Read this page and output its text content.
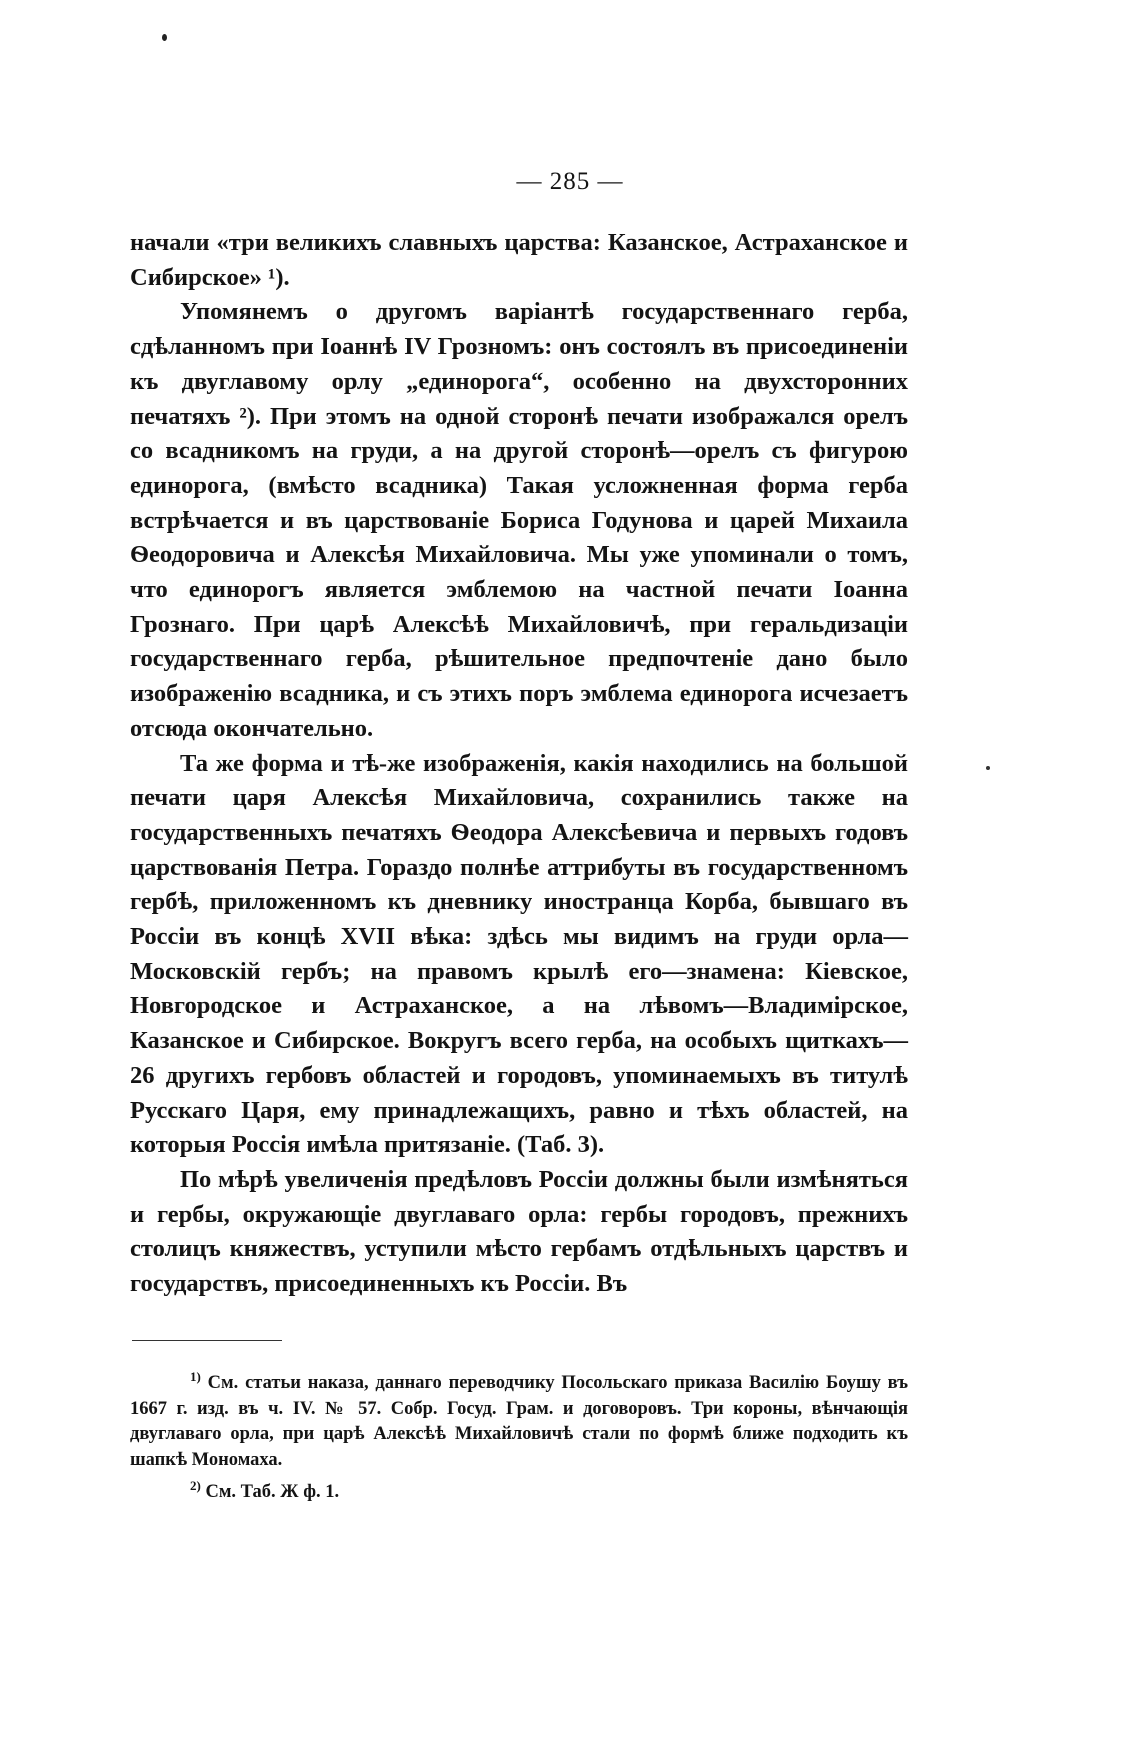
— 285 —

начали «три великихъ славныхъ царства: Казанское, Астраханское и Сибирское» ¹).

Упомянемъ о другомъ варіантѣ государственнаго герба, сдѣланномъ при Іоаннѣ IV Грозномъ: онъ состоялъ въ присоединеніи къ двуглавому орлу „единорога“, особенно на двухсторонних печатяхъ ²). При этомъ на одной сторонѣ печати изображался орелъ со всадникомъ на груди, а на другой сторонѣ—орелъ съ фигурою единорога, (вмѣсто всадника) Такая усложненная форма герба встрѣчается и въ царствованіе Бориса Годунова и царей Михаила Ѳеодоровича и Алексѣя Михайловича. Мы уже упоминали о томъ, что единорогъ является эмблемою на частной печати Іоанна Грознаго. При царѣ Алексѣѣ Михайловичѣ, при геральдизаціи государственнаго герба, рѣшительное предпочтеніе дано было изображенію всадника, и съ этихъ поръ эмблема единорога исчезаетъ отсюда окончательно.

Та же форма и тѣ-же изображенія, какія находились на большой печати царя Алексѣя Михайловича, сохранились также на государственныхъ печатяхъ Ѳеодора Алексѣевича и первыхъ годовъ царствованія Петра. Гораздо полнѣе аттрибуты въ государственномъ гербѣ, приложенномъ къ дневнику иностранца Корба, бывшаго въ Россіи въ концѣ XVII вѣка: здѣсь мы видимъ на груди орла—Московскій гербъ; на правомъ крылѣ его—знамена: Кіевское, Новгородское и Астраханское, а на лѣвомъ—Владимірское, Казанское и Сибирское. Вокругъ всего герба, на особыхъ щиткахъ—26 другихъ гербовъ областей и городовъ, упоминаемыхъ въ титулѣ Русскаго Царя, ему принадлежащихъ, равно и тѣхъ областей, на которыя Россія имѣла притязаніе. (Таб. 3).

По мѣрѣ увеличенія предѣловъ Россіи должны были измѣняться и гербы, окружающіе двуглаваго орла: гербы городовъ, прежнихъ столицъ княжествъ, уступили мѣсто гербамъ отдѣльныхъ царствъ и государствъ, присоединенныхъ къ Россіи. Въ

$^{1)}$ См. статьи наказа, даннаго переводчику Посольскаго приказа Василію Боушу въ 1667 г. изд. въ ч. IV. № 57. Собр. Госуд. Грам. и договоровъ. Три короны, вѣнчающія двуглаваго орла, при царѣ Алексѣѣ Михайловичѣ стали по формѣ ближе подходить къ шапкѣ Мономаха.

$^{2)}$ См. Таб. Ж ф. 1.
